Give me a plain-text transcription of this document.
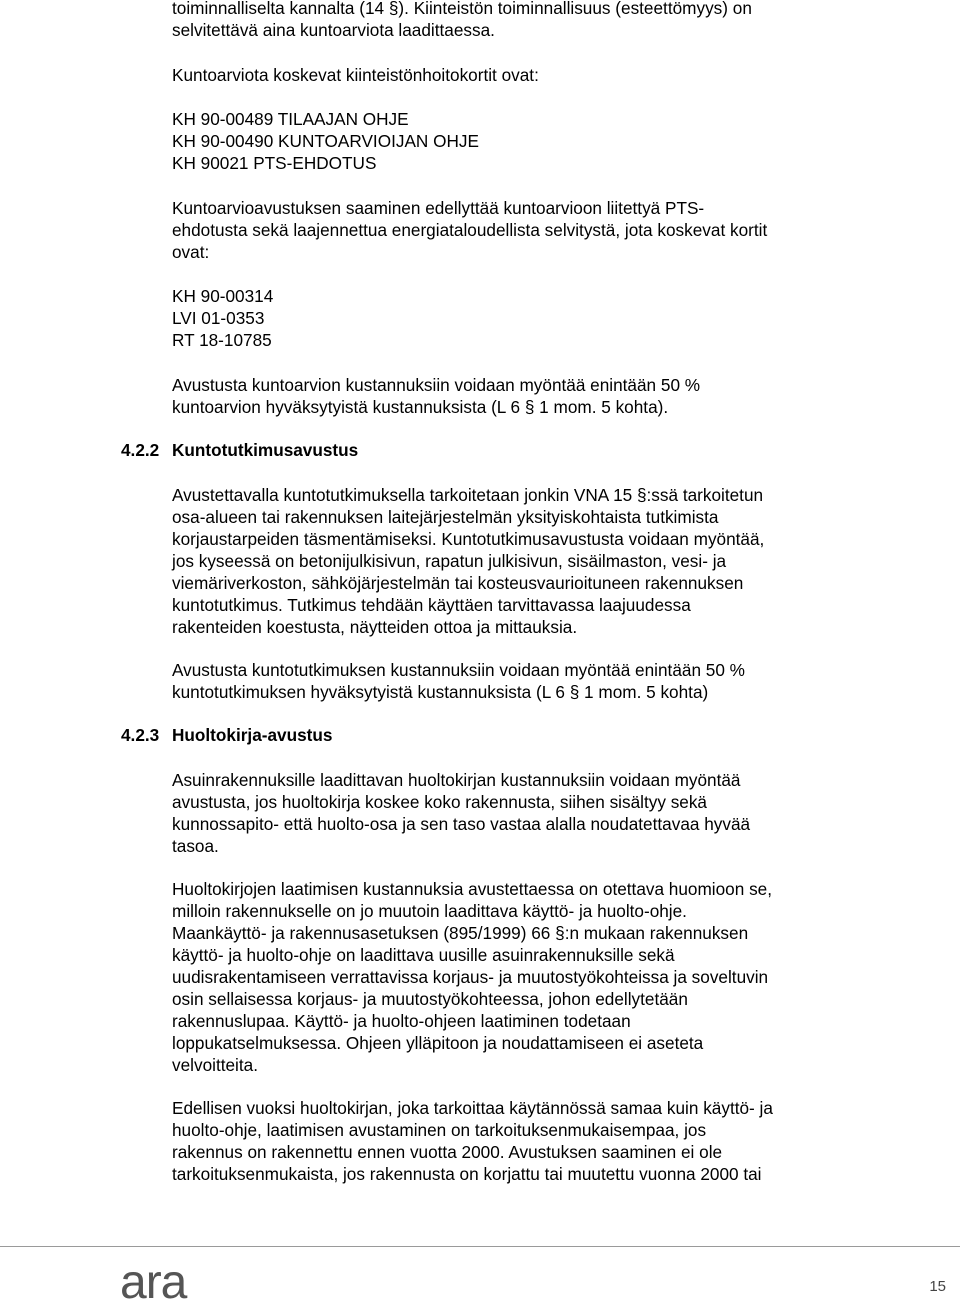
toiminnalliselta kannalta (14 §). Kiinteistön toiminnallisuus (esteettömyys) on
selvitettävä aina kuntoarviota laadittaessa.
Kuntoarviota koskevat kiinteistönhoitokortit ovat:
KH 90-00489 TILAAJAN OHJE
KH 90-00490 KUNTOARVIOIJAN OHJE
KH 90021 PTS-EHDOTUS
Kuntoarvioavustuksen saaminen edellyttää kuntoarvioon liitettyä PTS-
ehdotusta sekä laajennettua energiataloudellista selvitystä, jota koskevat kortit
ovat:
KH 90-00314
LVI 01-0353
RT 18-10785
Avustusta kuntoarvion kustannuksiin voidaan myöntää enintään 50 %
kuntoarvion hyväksytyistä kustannuksista (L 6 § 1 mom. 5 kohta).
4.2.2 Kuntotutkimusavustus
Avustettavalla kuntotutkimuksella tarkoitetaan jonkin VNA 15 §:ssä tarkoitetun
osa-alueen tai rakennuksen laitejärjestelmän yksityiskohtaista tutkimista
korjaustarpeiden täsmentämiseksi. Kuntotutkimusavustusta voidaan myöntää,
jos kyseessä on betonijulkisivun, rapatun julkisivun, sisäilmaston, vesi- ja
viemäriverkoston, sähköjärjestelmän tai kosteusvaurioituneen rakennuksen
kuntotutkimus. Tutkimus tehdään käyttäen tarvittavassa laajuudessa
rakenteiden koestusta, näytteiden ottoa ja mittauksia.
Avustusta kuntotutkimuksen kustannuksiin voidaan myöntää enintään 50 %
kuntotutkimuksen hyväksytyistä kustannuksista (L 6 § 1 mom. 5 kohta)
4.2.3 Huoltokirja-avustus
Asuinrakennuksille laadittavan huoltokirjan kustannuksiin voidaan myöntää
avustusta, jos huoltokirja koskee koko rakennusta, siihen sisältyy sekä
kunnossapito- että huolto-osa ja sen taso vastaa alalla noudatettavaa hyvää
tasoa.
Huoltokirjojen laatimisen kustannuksia avustettaessa on otettava huomioon se,
milloin rakennukselle on jo muutoin laadittava käyttö- ja huolto-ohje.
Maankäyttö- ja rakennusasetuksen (895/1999) 66 §:n mukaan rakennuksen
käyttö- ja huolto-ohje on laadittava uusille asuinrakennuksille sekä
uudisrakentamiseen verrattavissa korjaus- ja muutostyökohteissa ja soveltuvin
osin sellaisessa korjaus- ja muutostyökohteessa, johon edellytetään
rakennuslupaa. Käyttö- ja huolto-ohjeen laatiminen todetaan
loppukatselmuksessa. Ohjeen ylläpitoon ja noudattamiseen ei aseteta
velvoitteita.
Edellisen vuoksi huoltokirjan, joka tarkoittaa käytännössä samaa kuin käyttö- ja
huolto-ohje, laatimisen avustaminen on tarkoituksenmukaisempaa, jos
rakennus on rakennettu ennen vuotta 2000. Avustuksen saaminen ei ole
tarkoituksenmukaista, jos rakennusta on korjattu tai muutettu vuonna 2000 tai
ara	15
